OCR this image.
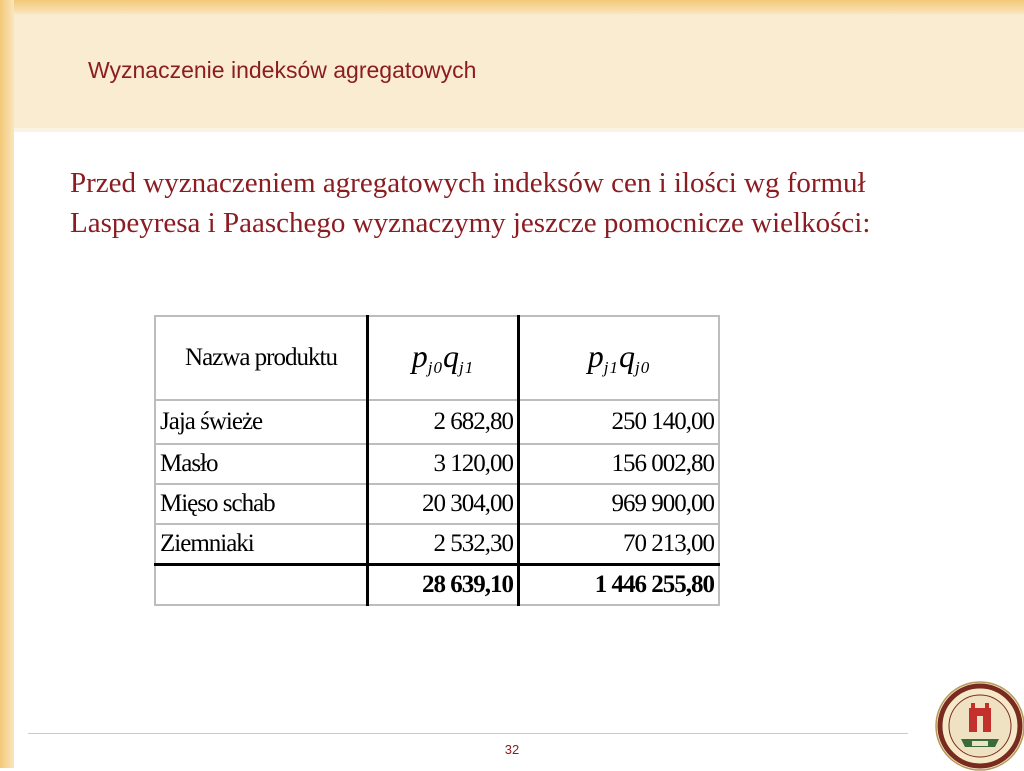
Wyznaczenie indeksów agregatowych

Przed wyznaczeniem agregatowych indeksów cen i ilości wg formuł Laspeyresa i Paaschego wyznaczymy jeszcze pomocnicze wielkości:

Nazwa produktu	$p_{j0}q_{j1}$	$p_{j1}q_{j0}$
Jaja świeże	2 682,80	250 140,00
Masło	3 120,00	156 002,80
Mięso schab	20 304,00	969 900,00
Ziemniaki	2 532,30	70 213,00
	28 639,10	1 446 255,80
32
